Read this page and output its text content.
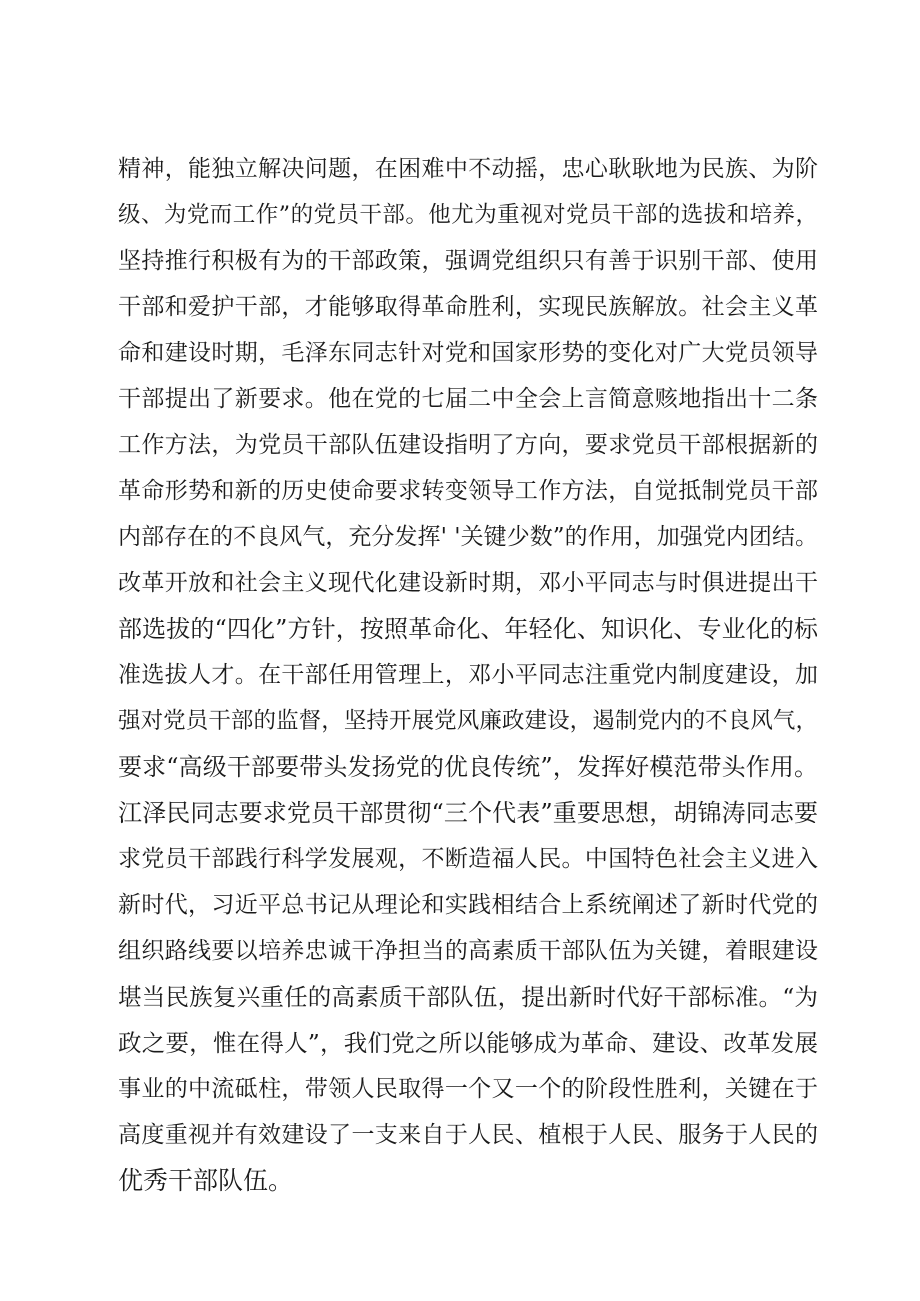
精神，能独立解决问题，在困难中不动摇，忠心耿耿地为民族、为阶
级、为党而工作”的党员干部。他尤为重视对党员干部的选拔和培养，
坚持推行积极有为的干部政策，强调党组织只有善于识别干部、使用
干部和爱护干部，才能够取得革命胜利，实现民族解放。社会主义革
命和建设时期，毛泽东同志针对党和国家形势的变化对广大党员领导
干部提出了新要求。他在党的七届二中全会上言简意赅地指出十二条
工作方法，为党员干部队伍建设指明了方向，要求党员干部根据新的
革命形势和新的历史使命要求转变领导工作方法，自觉抵制党员干部
内部存在的不良风气，充分发挥' '关键少数”的作用，加强党内团结。
改革开放和社会主义现代化建设新时期，邓小平同志与时俱进提出干
部选拔的“四化”方针，按照革命化、年轻化、知识化、专业化的标
准选拔人才。在干部任用管理上，邓小平同志注重党内制度建设，加
强对党员干部的监督，坚持开展党风廉政建设，遏制党内的不良风气，
要求“高级干部要带头发扬党的优良传统”，发挥好模范带头作用。
江泽民同志要求党员干部贯彻“三个代表”重要思想，胡锦涛同志要
求党员干部践行科学发展观，不断造福人民。中国特色社会主义进入
新时代，习近平总书记从理论和实践相结合上系统阐述了新时代党的
组织路线要以培养忠诚干净担当的高素质干部队伍为关键，着眼建设
堪当民族复兴重任的高素质干部队伍，提出新时代好干部标准。“为
政之要，惟在得人”，我们党之所以能够成为革命、建设、改革发展
事业的中流砥柱，带领人民取得一个又一个的阶段性胜利，关键在于
高度重视并有效建设了一支来自于人民、植根于人民、服务于人民的
优秀干部队伍。
